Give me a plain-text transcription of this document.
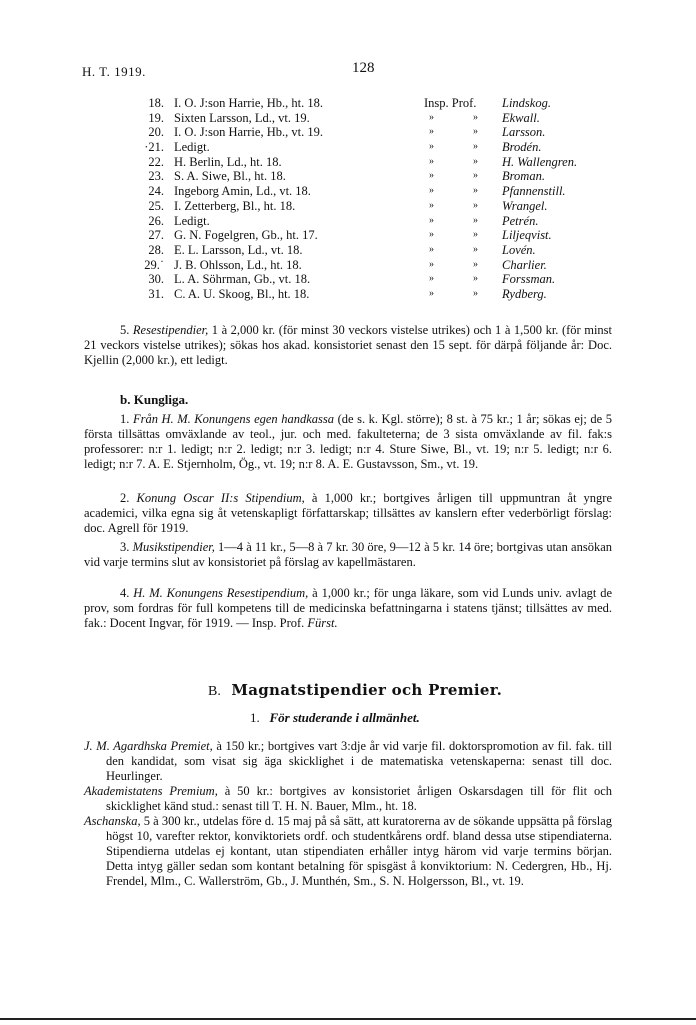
H. T. 1919.	128
18. I. O. J:son Harrie, Hb., ht. 18.	Insp. Prof. Lindskog.
19. Sixten Larsson, Ld., vt. 19.	»	» Ekwall.
20. I. O. J:son Harrie, Hb., vt. 19.	»	» Larsson.
·21. Ledigt.	»	» Brodén.
22. H. Berlin, Ld., ht. 18.	»	» H. Wallengren.
23. S. A. Siwe, Bl., ht. 18.	»	» Broman.
24. Ingeborg Amin, Ld., vt. 18.	»	» Pfannenstill.
25. I. Zetterberg, Bl., ht. 18.	»	» Wrangel.
26. Ledigt.	»	» Petrén.
27. G. N. Fogelgren, Gb., ht. 17.	»	» Liljeqvist.
28. E. L. Larsson, Ld., vt. 18.	»	» Lovén.
29.˙ J. B. Ohlsson, Ld., ht. 18.	»	» Charlier.
30. L. A. Söhrman, Gb., vt. 18.	»	» Forssman.
31. C. A. U. Skoog, Bl., ht. 18.	»	» Rydberg.
5. Resestipendier, 1 à 2,000 kr. (för minst 30 veckors vistelse utrikes) och 1 à 1,500 kr. (för minst 21 veckors vistelse utrikes); sökas hos akad. konsistoriet senast den 15 sept. för därpå följande år: Doc. Kjellin (2,000 kr.), ett ledigt.
b. Kungliga.
1. Från H. M. Konungens egen handkassa (de s. k. Kgl. större); 8 st. à 75 kr.; 1 år; sökas ej; de 5 första tillsättas omväxlande av teol., jur. och med. fakulteterna; de 3 sista omväxlande av fil. fak:s professorer: n:r 1. ledigt; n:r 2. ledigt; n:r 3. ledigt; n:r 4. Sture Siwe, Bl., vt. 19; n:r 5. ledigt; n:r 6. ledigt; n:r 7. A. E. Stjernholm, Ög., vt. 19; n:r 8. A. E. Gustavsson, Sm., vt. 19.
2. Konung Oscar II:s Stipendium, à 1,000 kr.; bortgives årligen till uppmuntran åt yngre academici, vilka egna sig åt vetenskapligt författarskap; tillsättes av kanslern efter vederbörligt förslag: doc. Agrell för 1919.
3. Musikstipendier, 1—4 à 11 kr., 5—8 à 7 kr. 30 öre, 9—12 à 5 kr. 14 öre; bortgivas utan ansökan vid varje termins slut av konsistoriet på förslag av kapellmästaren.
4. H. M. Konungens Resestipendium, à 1,000 kr.; för unga läkare, som vid Lunds univ. avlagt de prov, som fordras för full kompetens till de medicinska befattningarna i statens tjänst; tillsättes av med. fak.: Docent Ingvar, för 1919. — Insp. Prof. Fürst.
B. Magnatstipendier och Premier.
1. För studerande i allmänhet.
J. M. Agardhska Premiet, à 150 kr.; bortgives vart 3:dje år vid varje fil. doktorspromotion av fil. fak. till den kandidat, som visat sig äga skicklighet i de matematiska vetenskaperna: senast till doc. Heurlinger.
Akademistatens Premium, à 50 kr.: bortgives av konsistoriet årligen Oskarsdagen till för flit och skicklighet känd stud.: senast till T. H. N. Bauer, Mlm., ht. 18.
Aschanska, 5 à 300 kr., utdelas före d. 15 maj på så sätt, att kuratorerna av de sökande uppsätta på förslag högst 10, varefter rektor, konviktoriets ordf. och studentkårens ordf. bland dessa utse stipendiaterna. Stipendierna utdelas ej kontant, utan stipendiaten erhåller intyg härom vid varje termins början. Detta intyg gäller sedan som kontant betalning för spisgäst å konviktorium: N. Cedergren, Hb., Hj. Frendel, Mlm., C. Wallerström, Gb., J. Munthén, Sm., S. N. Holgersson, Bl., vt. 19.
